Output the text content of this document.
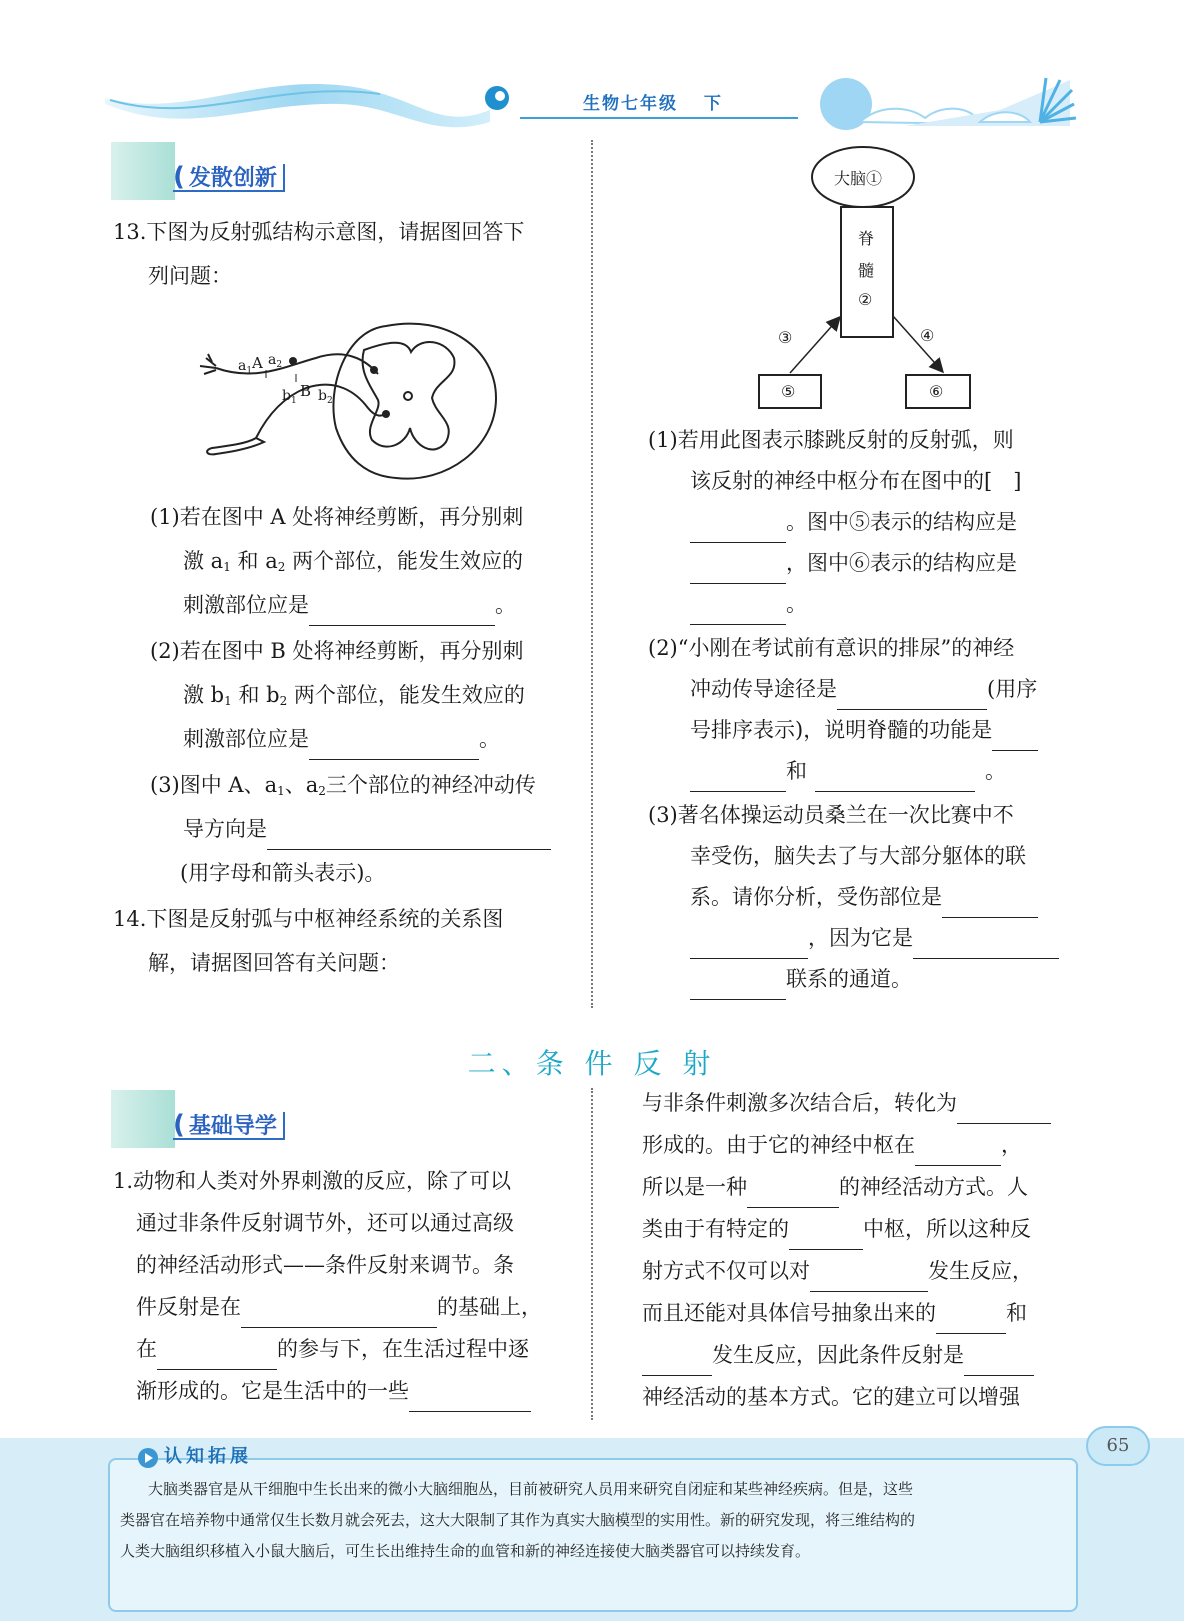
生物七年级 下
( 发散创新
13.下图为反射弧结构示意图，请据图回答下
列问题：
$a_1$ A $a_2$
$b_1$
B $b_2$
(1)若在图中 A 处将神经剪断，再分别刺
激 $a_1$ 和 $a_2$ 两个部位，能发生效应的
刺激部位应是	。
(2)若在图中 B 处将神经剪断，再分别刺
激 $b_1$ 和 $b_2$ 两个部位，能发生效应的
刺激部位应是	。
(3)图中 A、$a_1$、$a_2$三个部位的神经冲动传
导方向是
(用字母和箭头表示)。
14.下图是反射弧与中枢神经系统的关系图
解，请据图回答有关问题：
大脑①
脊
髓
②
③	④
⑤	⑥
(1)若用此图表示膝跳反射的反射弧，则
该反射的神经中枢分布在图中的[　]
。图中⑤表示的结构应是
，图中⑥表示的结构应是
。
(2)“小刚在考试前有意识的排尿”的神经
冲动传导途径是	(用序
号排序表示)，说明脊髓的功能是
和	。
(3)著名体操运动员桑兰在一次比赛中不
幸受伤，脑失去了与大部分躯体的联
系。请你分析，受伤部位是
，因为它是
联系的通道。
二、条 件 反 射
( 基础导学
1.动物和人类对外界刺激的反应，除了可以
通过非条件反射调节外，还可以通过高级
的神经活动形式——条件反射来调节。条
件反射是在	的基础上，
在	的参与下，在生活过程中逐
渐形成的。它是生活中的一些
与非条件刺激多次结合后，转化为
形成的。由于它的神经中枢在	，
所以是一种	的神经活动方式。人
类由于有特定的	中枢，所以这种反
射方式不仅可以对	发生反应，
而且还能对具体信号抽象出来的	和
发生反应，因此条件反射是
神经活动的基本方式。它的建立可以增强
65
认知拓展
大脑类器官是从干细胞中生长出来的微小大脑细胞丛，目前被研究人员用来研究自闭症和某些神经疾病。但是，这些
类器官在培养物中通常仅生长数月就会死去，这大大限制了其作为真实大脑模型的实用性。新的研究发现，将三维结构的
人类大脑组织移植入小鼠大脑后，可生长出维持生命的血管和新的神经连接使大脑类器官可以持续发育。
